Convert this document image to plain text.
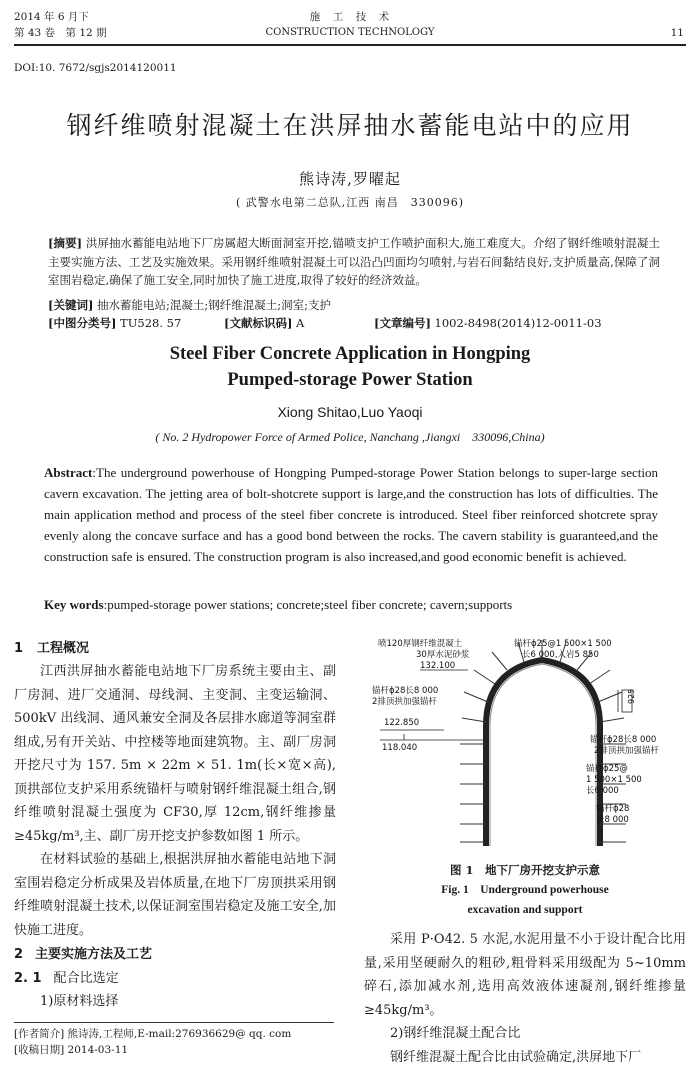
2014 年 6 月下
第 43 卷　第 12 期
施　工　技　术
CONSTRUCTION TECHNOLOGY	11
DOI:10. 7672/sgjs2014120011
钢纤维喷射混凝土在洪屏抽水蓄能电站中的应用
熊诗涛,罗曜起
( 武警水电第二总队,江西 南昌　330096)
[摘要] 洪屏抽水蓄能电站地下厂房属超大断面洞室开挖,锚喷支护工作喷护面积大,施工难度大。介绍了钢纤维喷射混凝土主要实施方法、工艺及实施效果。采用钢纤维喷射混凝土可以沿凸凹面均匀喷射,与岩石间黏结良好,支护质量高,保障了洞室围岩稳定,确保了施工安全,同时加快了施工进度,取得了较好的经济效益。
[关键词] 抽水蓄能电站;混凝土;钢纤维混凝土;洞室;支护
[中图分类号] TU528. 57	[文献标识码] A	[文章编号] 1002-8498(2014)12-0011-03
Steel Fiber Concrete Application in Hongping
Pumped-storage Power Station
Xiong Shitao,Luo Yaoqi
( No. 2 Hydropower Force of Armed Police, Nanchang ,Jiangxi　330096,China)
Abstract:The underground powerhouse of Hongping Pumped-storage Power Station belongs to super-large section cavern excavation. The jetting area of bolt-shotcrete support is large,and the construction has lots of difficulties. The main application method and process of the steel fiber concrete is introduced. Steel fiber reinforced shotcrete spray evenly along the concave surface and has a good bond between the rocks. The cavern stability is guaranteed,and the construction safe is ensured. The construction program is also increased,and good economic benefit is achieved.
Key words:pumped-storage power stations; concrete;steel fiber concrete; cavern;supports
1 工程概况

江西洪屏抽水蓄能电站地下厂房系统主要由主、副厂房洞、进厂交通洞、母线洞、主变洞、主变运输洞、500kV 出线洞、通风兼安全洞及各层排水廊道等洞室群组成,另有开关站、中控楼等地面建筑物。主、副厂房洞开挖尺寸为 157. 5m × 22m × 51. 1m(长×宽×高),顶拱部位支护采用系统锚杆与喷射钢纤维混凝土组合,钢纤维喷射混凝土强度为 CF30,厚 12cm,钢纤维掺量≥45kg/m³,主、副厂房开挖支护参数如图 1 所示。

在材料试验的基础上,根据洪屏抽水蓄能电站地下洞室围岩稳定分析成果及岩体质量,在地下厂房顶拱采用钢纤维喷射混凝土技术,以保证洞室围岩稳定及施工安全,加快施工进度。

2 主要实施方法及工艺
2. 1 配合比选定
1)原材料选择
喷120厚钢纤维混凝土
30厚水泥砂浆
132.100
锚杆ϕ25@1 500×1 500
长6 000,入岩5 850
锚杆ϕ28长8 000
2排顶拱加强锚杆
122.850
118.040
925
锚杆ϕ28长8 000
2排顶拱加强锚杆
锚杆ϕ25@
1 500×1 500
长6 000
锚杆ϕ28
长8 000
图 1　地下厂房开挖支护示意
Fig. 1　Underground powerhouse
excavation and support

采用 P·O42. 5 水泥,水泥用量不小于设计配合比用量,采用坚硬耐久的粗砂,粗骨料采用级配为 5~10mm 碎石,添加减水剂,选用高效液体速凝剂,钢纤维掺量≥45kg/m³。

2)钢纤维混凝土配合比

钢纤维混凝土配合比由试验确定,洪屏地下厂

[作者简介] 熊诗涛,工程师,E-mail:276936629@ qq. com
[收稿日期] 2014-03-11
